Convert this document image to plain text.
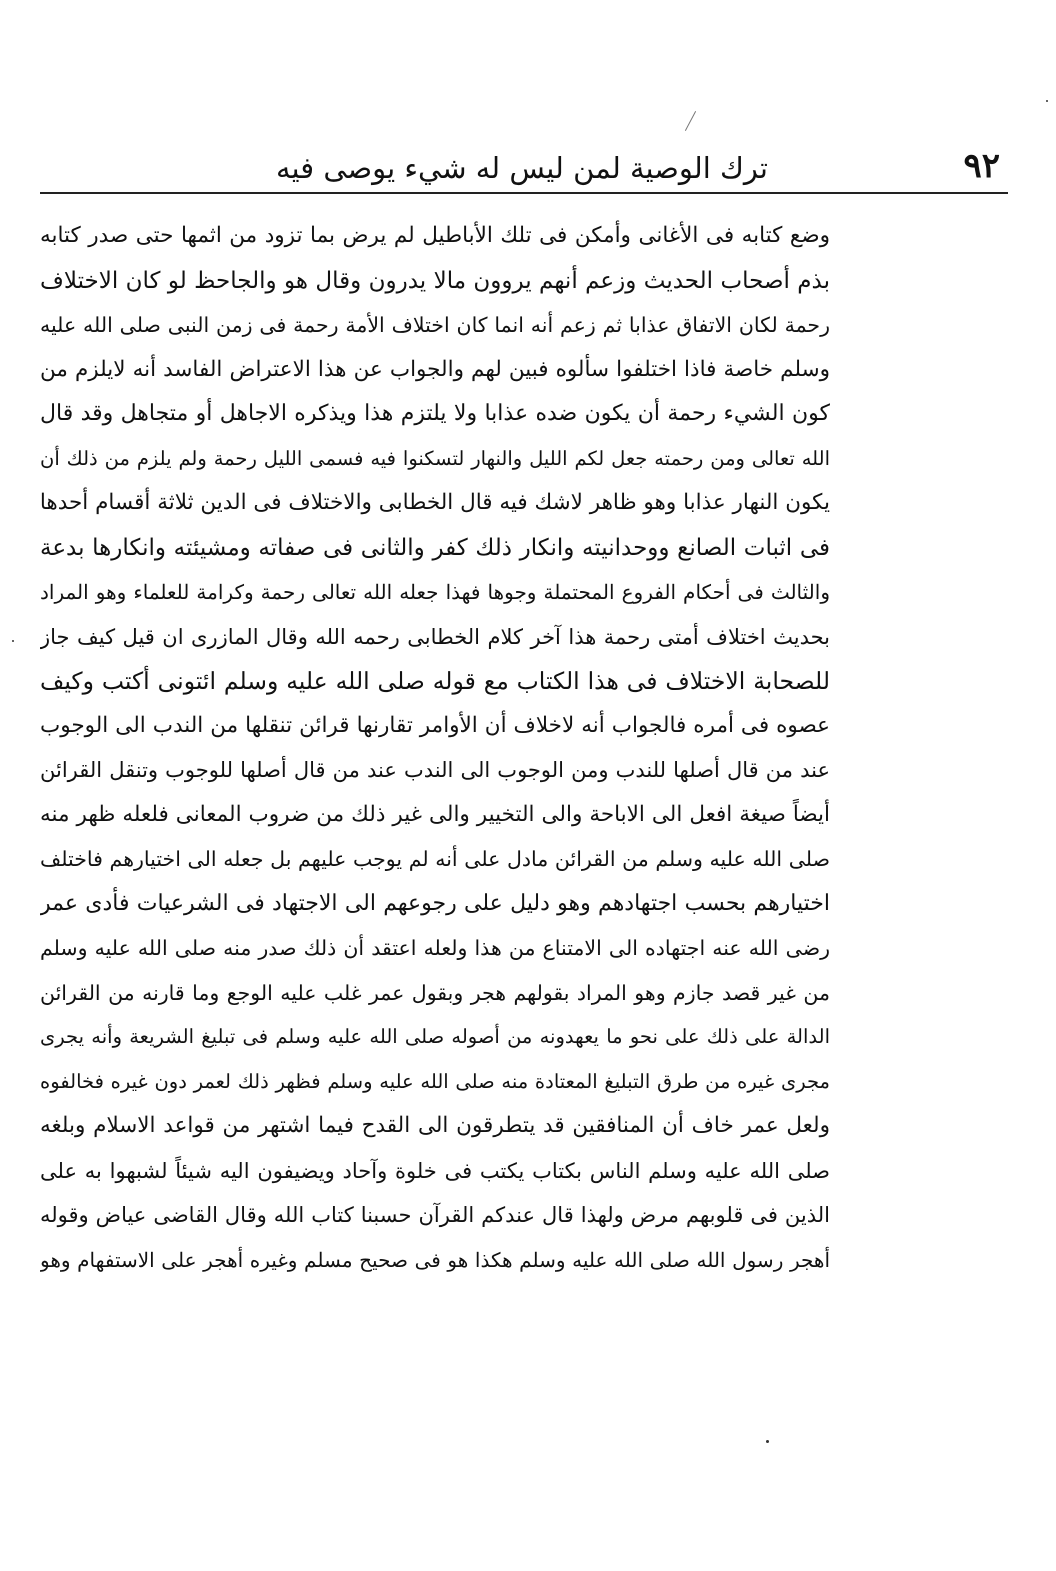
٩٢
ترك الوصية لمن ليس له شيء يوصى فيه
وضع كتابه فى الأغانى وأمكن فى تلك الأباطيل لم يرض بما تزود من اثمها حتى صدر كتابه
بذم أصحاب الحديث وزعم أنهم يروون مالا يدرون وقال هو والجاحظ لو كان الاختلاف
رحمة لكان الاتفاق عذابا ثم زعم أنه انما كان اختلاف الأمة رحمة فى زمن النبى صلى الله عليه
وسلم خاصة فاذا اختلفوا سألوه فبين لهم والجواب عن هذا الاعتراض الفاسد أنه لايلزم من
كون الشيء رحمة أن يكون ضده عذابا ولا يلتزم هذا ويذكره الاجاهل أو متجاهل وقد قال
الله تعالى ومن رحمته جعل لكم الليل والنهار لتسكنوا فيه فسمى الليل رحمة ولم يلزم من ذلك أن
يكون النهار عذابا وهو ظاهر لاشك فيه قال الخطابى والاختلاف فى الدين ثلاثة أقسام أحدها
فى اثبات الصانع ووحدانيته وانكار ذلك كفر والثانى فى صفاته ومشيئته وانكارها بدعة
والثالث فى أحكام الفروع المحتملة وجوها فهذا جعله الله تعالى رحمة وكرامة للعلماء وهو المراد
بحديث اختلاف أمتى رحمة هذا آخر كلام الخطابى رحمه الله وقال المازرى ان قيل كيف جاز
للصحابة الاختلاف فى هذا الكتاب مع قوله صلى الله عليه وسلم ائتونى أكتب وكيف
عصوه فى أمره فالجواب أنه لاخلاف أن الأوامر تقارنها قرائن تنقلها من الندب الى الوجوب
عند من قال أصلها للندب ومن الوجوب الى الندب عند من قال أصلها للوجوب وتنقل القرائن
أيضاً صيغة افعل الى الاباحة والى التخيير والى غير ذلك من ضروب المعانى فلعله ظهر منه
صلى الله عليه وسلم من القرائن مادل على أنه لم يوجب عليهم بل جعله الى اختيارهم فاختلف
اختيارهم بحسب اجتهادهم وهو دليل على رجوعهم الى الاجتهاد فى الشرعيات فأدى عمر
رضى الله عنه اجتهاده الى الامتناع من هذا ولعله اعتقد أن ذلك صدر منه صلى الله عليه وسلم
من غير قصد جازم وهو المراد بقولهم هجر وبقول عمر غلب عليه الوجع وما قارنه من القرائن
الدالة على ذلك على نحو ما يعهدونه من أصوله صلى الله عليه وسلم فى تبليغ الشريعة وأنه يجرى
مجرى غيره من طرق التبليغ المعتادة منه صلى الله عليه وسلم فظهر ذلك لعمر دون غيره فخالفوه
ولعل عمر خاف أن المنافقين قد يتطرقون الى القدح فيما اشتهر من قواعد الاسلام وبلغه
صلى الله عليه وسلم الناس بكتاب يكتب فى خلوة وآحاد ويضيفون اليه شيئاً لشبهوا به على
الذين فى قلوبهم مرض ولهذا قال عندكم القرآن حسبنا كتاب الله وقال القاضى عياض وقوله
أهجر رسول الله صلى الله عليه وسلم هكذا هو فى صحيح مسلم وغيره أهجر على الاستفهام وهو
